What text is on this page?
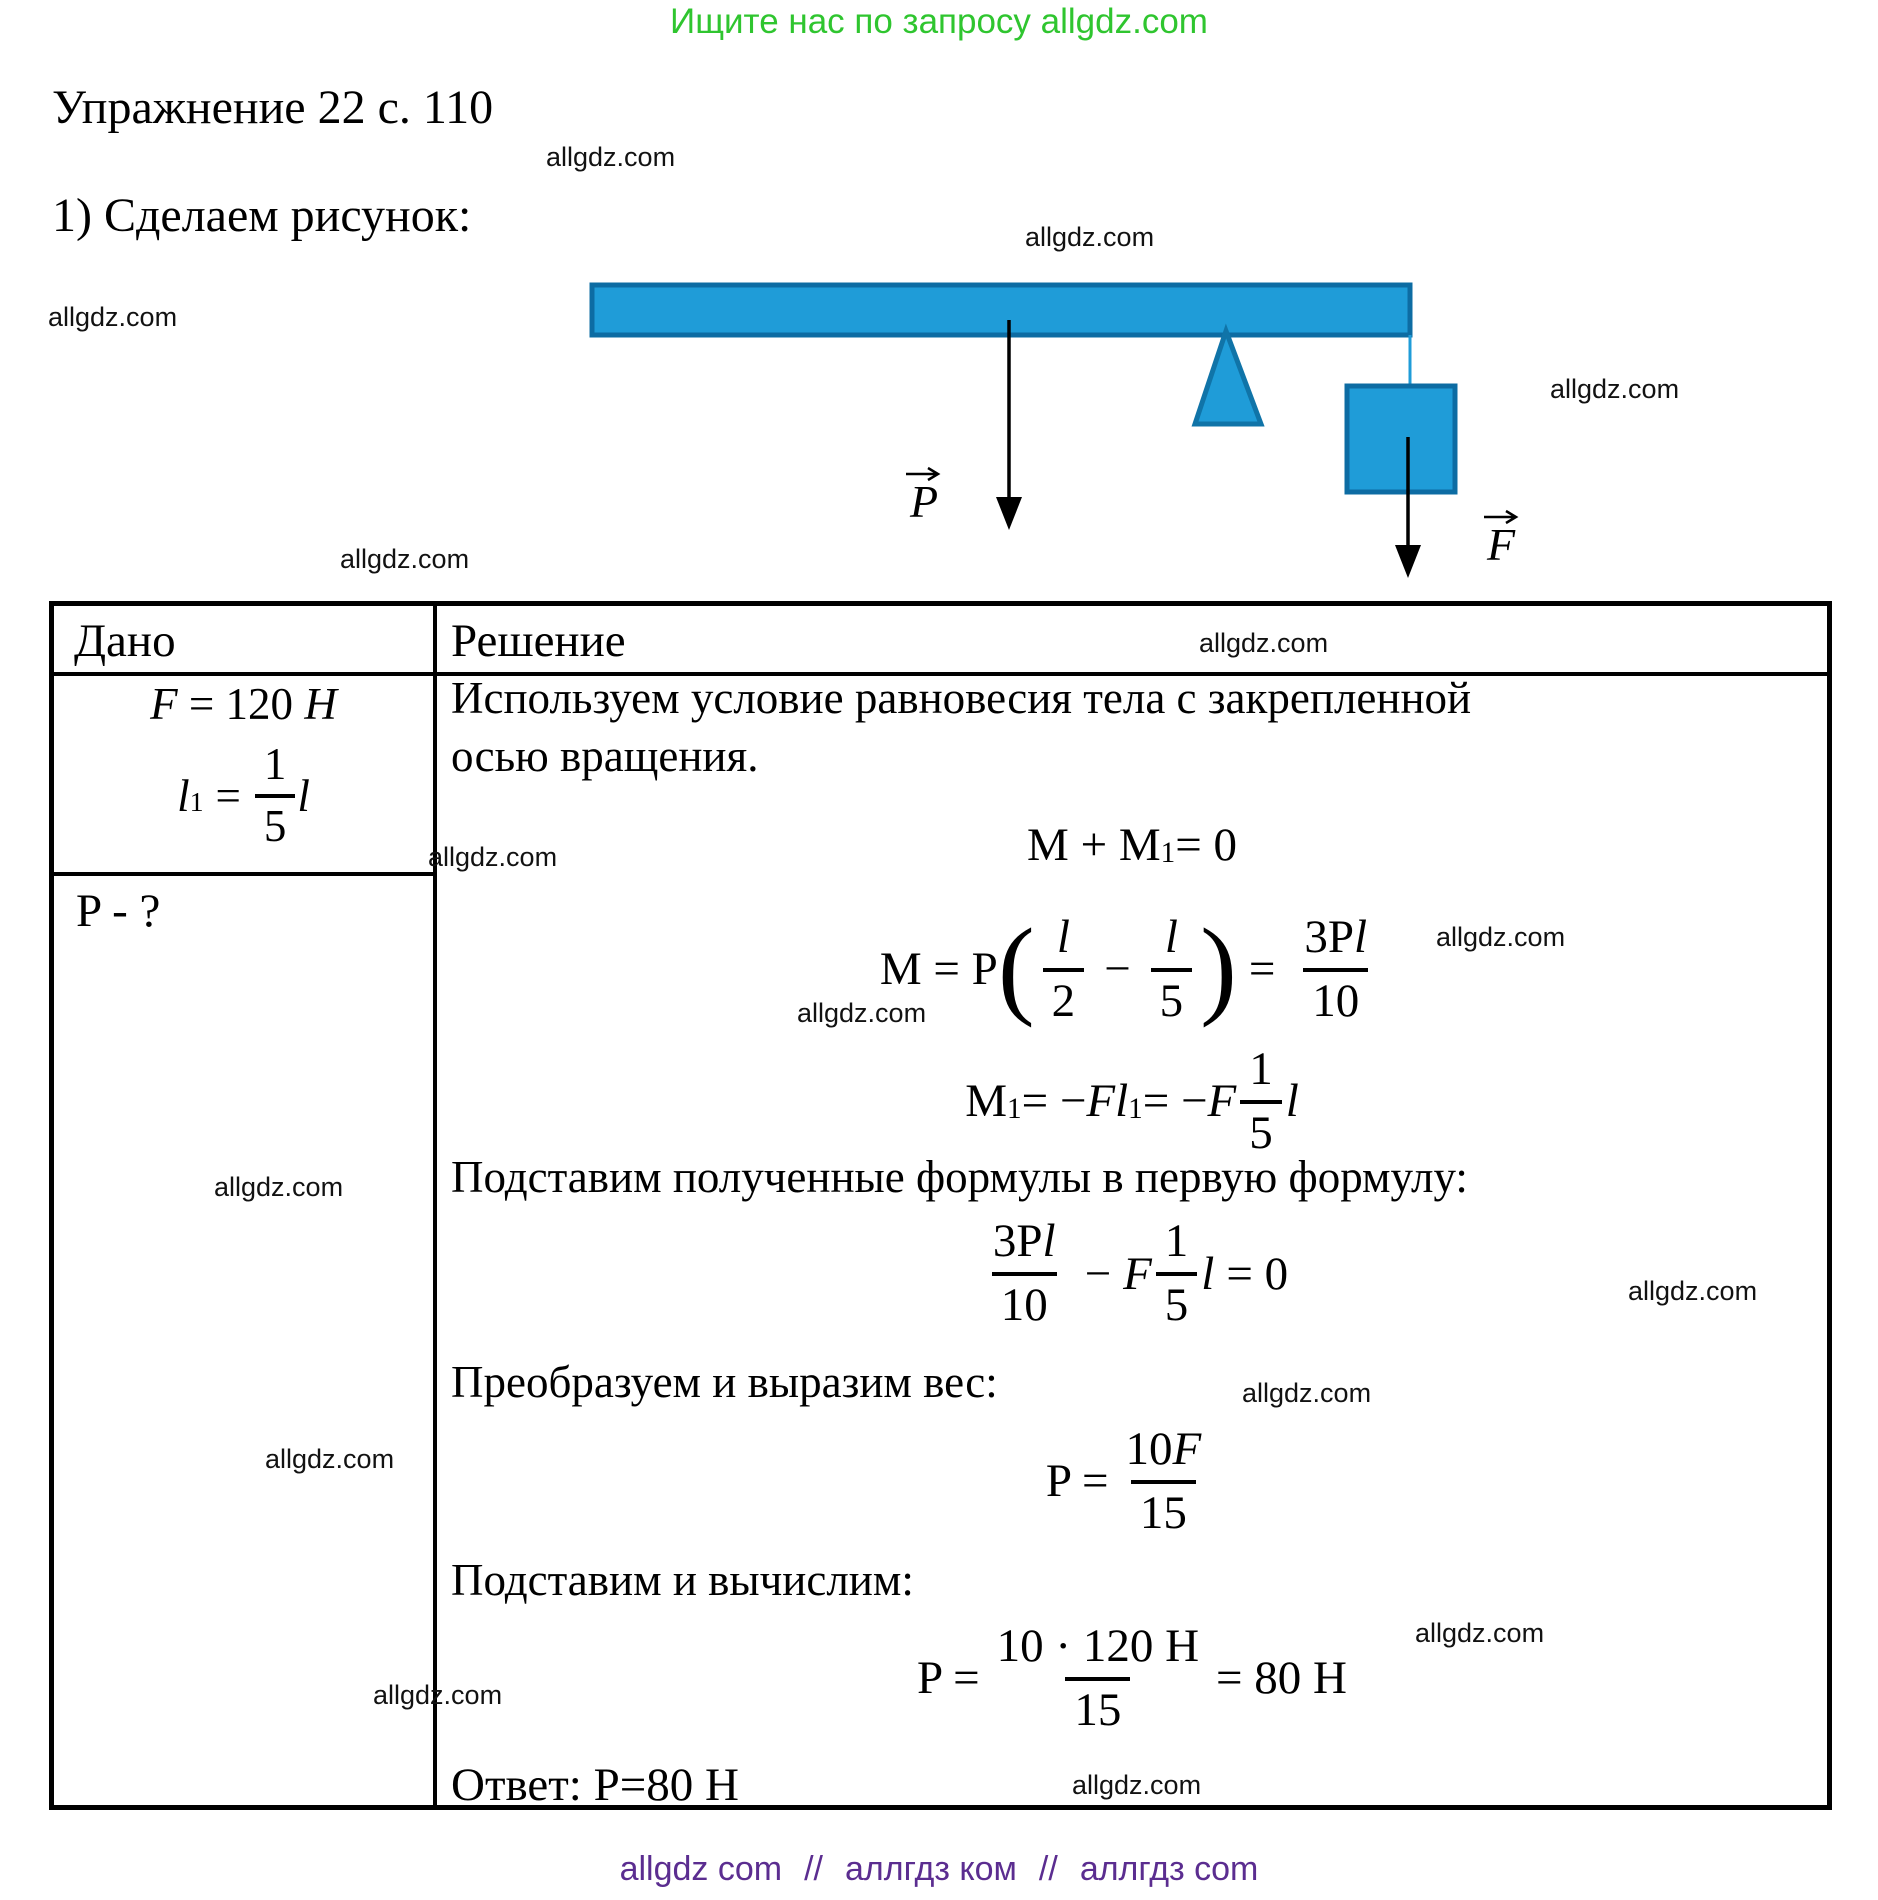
Ищите нас по запросу allgdz.com
Упражнение 22 с. 110
allgdz.com
1) Сделаем рисунок:
P
F
allgdz.com
allgdz.com
allgdz.com
allgdz.com
Дано	Решение
F = 120 Н
l $1 = \frac{1}{5}$ l
P - ?
Используем условие равновесия тела с закрепленной
осью вращения.
M + M 1 = 0
M = P ( $\frac{l}{2} - \frac{l}{5}$ ) = $\frac{3Pl}{10}$
M 1 = − Fl 1 = − F $\frac{1}{5}$ l
Подставим полученные формулы в первую формулу:
$\frac{3Pl}{10} - F \frac{1}{5}$ l = 0
Преобразуем и выразим вес:
$P = \frac{10F}{15}$
Подставим и вычислим:
$P = \frac{10 \cdot 120 Н}{15} = 80$ Н
Ответ: P=80 Н
allgdz.com
allgdz.com
allgdz.com
allgdz.com
allgdz.com
allgdz.com
allgdz.com
allgdz.com
allgdz.com
allgdz.com
allgdz.com
allgdz com // аллгдз ком // аллгдз com
